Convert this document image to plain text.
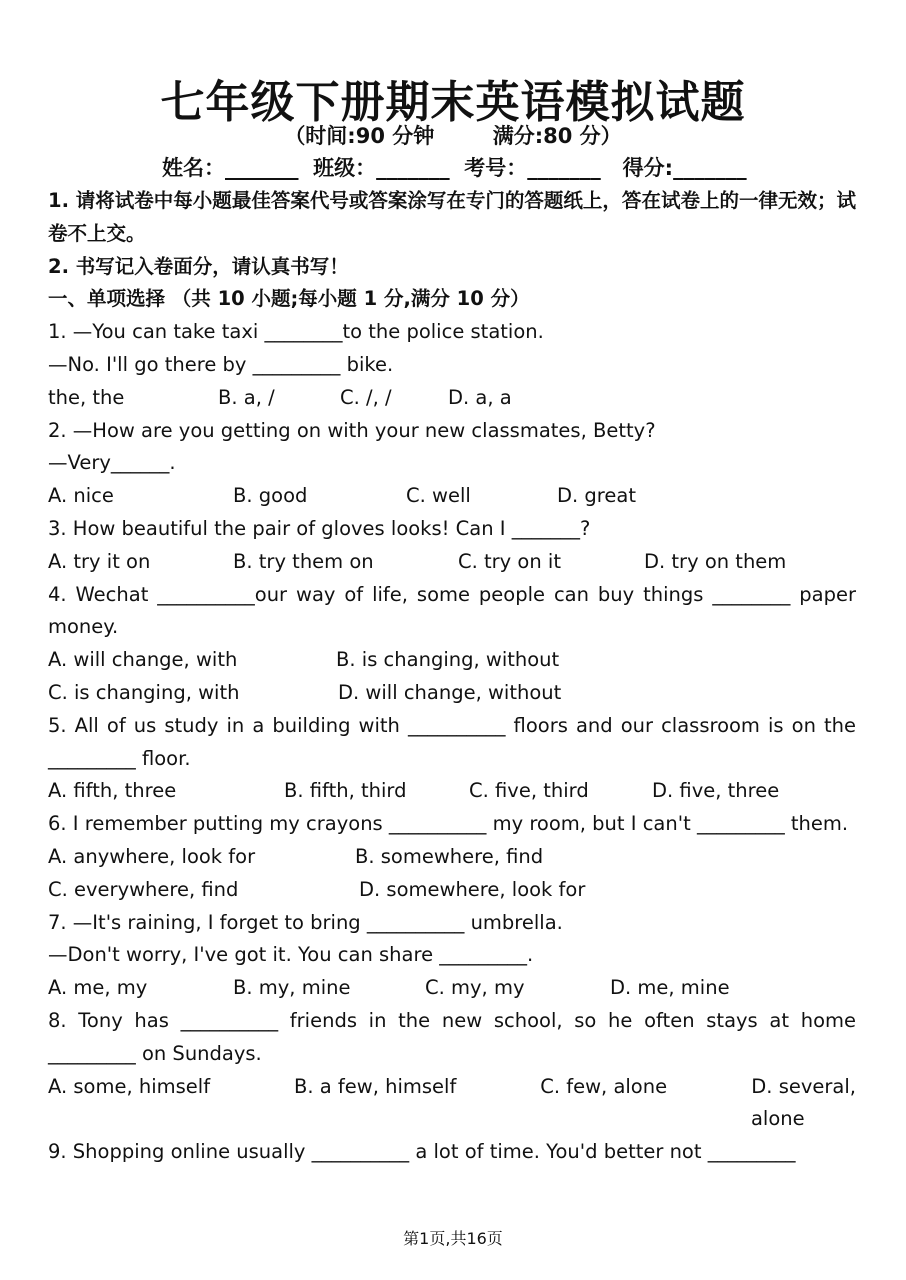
七年级下册期末英语模拟试题
（时间:90 分钟        满分:80 分）
姓名：_______  班级：_______  考号：_______   得分:_______
1. 请将试卷中每小题最佳答案代号或答案涂写在专门的答题纸上，答在试卷上的一律无效；试卷不上交。
2. 书写记入卷面分，请认真书写！
一、单项选择 （共 10 小题;每小题 1 分,满分 10 分）
1. —You can take taxi ________to the police station.
—No. I'll go there by _________ bike.
the, the	B. a, /	C. /, /	D. a, a
2. —How are you getting on with your new classmates, Betty?
—Very______.
A. nice	B. good	C. well	D. great
3. How beautiful the pair of gloves looks! Can I _______?
A. try it on	B. try them on	C. try on it	D. try on them
4. Wechat __________our way of life, some people can buy things ________ paper money.
A. will change, with	B. is changing, without
C. is changing, with	D. will change, without
5. All of us study in a building with __________ floors and our classroom is on the _________ floor.
A. fifth, three	B. fifth, third	C. five, third	D. five, three
6. I remember putting my crayons __________ my room, but I can't _________ them.
A. anywhere, look for	B. somewhere, find
C. everywhere, find	D. somewhere, look for
7. —It's raining, I forget to bring __________ umbrella.
—Don't worry, I've got it. You can share _________.
A. me, my	B. my, mine	C. my, my	D. me, mine
8. Tony has __________ friends in the new school, so he often stays at home _________ on Sundays.
A. some, himself	B. a few, himself	C. few, alone	D. several, alone
9. Shopping online usually __________ a lot of time. You'd better not _________
第1页,共16页
